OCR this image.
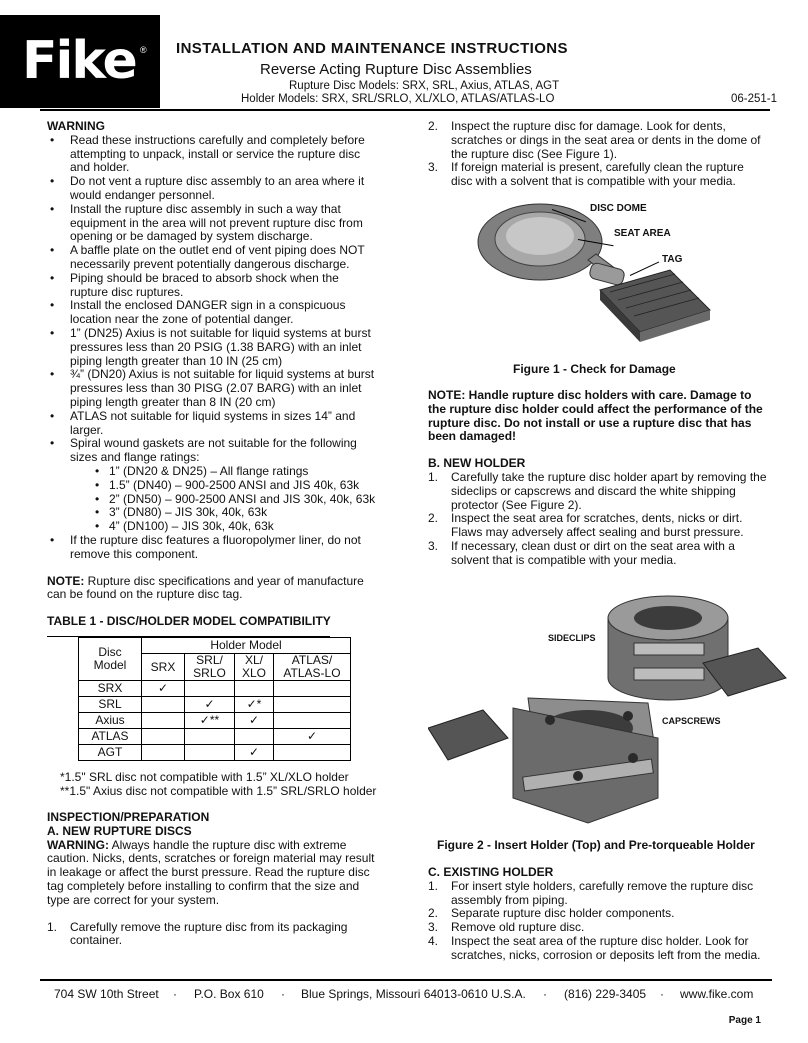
Fike ® INSTALLATION AND MAINTENANCE INSTRUCTIONS
Reverse Acting Rupture Disc Assemblies
Rupture Disc Models: SRX, SRL, Axius, ATLAS, AGT
Holder Models: SRX, SRL/SRLO, XL/XLO, ATLAS/ATLAS-LO	06-251-1

WARNING

• Read these instructions carefully and completely before attempting to unpack, install or service the rupture disc and holder.
• Do not vent a rupture disc assembly to an area where it would endanger personnel.
• Install the rupture disc assembly in such a way that equipment in the area will not prevent rupture disc from opening or be damaged by system discharge.
• A baffle plate on the outlet end of vent piping does NOT necessarily prevent potentially dangerous discharge.
• Piping should be braced to absorb shock when the rupture disc ruptures.
• Install the enclosed DANGER sign in a conspicuous location near the zone of potential danger.
• 1” (DN25) Axius is not suitable for liquid systems at burst pressures less than 20 PSIG (1.38 BARG) with an inlet piping length greater than 10 IN (25 cm)
• ¾” (DN20) Axius is not suitable for liquid systems at burst pressures less than 30 PISG (2.07 BARG) with an inlet piping length greater than 8 IN (20 cm)
• ATLAS not suitable for liquid systems in sizes 14” and larger.
• Spiral wound gaskets are not suitable for the following sizes and flange ratings:
• 1” (DN20 & DN25) – All flange ratings
• 1.5” (DN40) – 900-2500 ANSI and JIS 40k, 63k
• 2” (DN50) – 900-2500 ANSI and JIS 30k, 40k, 63k
• 3” (DN80) – JIS 30k, 40k, 63k
• 4” (DN100) – JIS 30k, 40k, 63k
• If the rupture disc features a fluoropolymer liner, do not remove this component.

NOTE: Rupture disc specifications and year of manufacture can be found on the rupture disc tag.

TABLE 1 - DISC/HOLDER MODEL COMPATIBILITY

Disc Model	Holder Model			
	SRX	SRL/ SRLO	XL/ XLO	ATLAS/ ATLAS-LO
SRX	✓			
SRL		✓	✓*	
Axius		✓**	✓	
ATLAS				✓
AGT			✓	
*1.5" SRL disc not compatible with 1.5” XL/XLO holder
**1.5" Axius disc not compatible with 1.5” SRL/SRLO holder

INSPECTION/PREPARATION

A. NEW RUPTURE DISCS

WARNING: Always handle the rupture disc with extreme caution. Nicks, dents, scratches or foreign material may result in leakage or affect the burst pressure. Read the rupture disc tag completely before installing to confirm that the size and type are correct for your system.

1. Carefully remove the rupture disc from its packaging container.
2. Inspect the rupture disc for damage. Look for dents, scratches or dings in the seat area or dents in the dome of the rupture disc (See Figure 1).
3. If foreign material is present, carefully clean the rupture disc with a solvent that is compatible with your media.
DISC DOME
SEAT AREA
TAG
Figure 1 - Check for Damage

NOTE: Handle rupture disc holders with care. Damage to the rupture disc holder could affect the performance of the rupture disc. Do not install or use a rupture disc that has been damaged!

B. NEW HOLDER

1. Carefully take the rupture disc holder apart by removing the sideclips or capscrews and discard the white shipping protector (See Figure 2).
2. Inspect the seat area for scratches, dents, nicks or dirt. Flaws may adversely affect sealing and burst pressure.
3. If necessary, clean dust or dirt on the seat area with a solvent that is compatible with your media.
SIDECLIPS
CAPSCREWS
Figure 2 - Insert Holder (Top) and Pre-torqueable Holder

C. EXISTING HOLDER

1. For insert style holders, carefully remove the rupture disc assembly from piping.
2. Separate rupture disc holder components.
3. Remove old rupture disc.
4. Inspect the seat area of the rupture disc holder. Look for scratches, nicks, corrosion or deposits left from the media.
704 SW 10th Street · P.O. Box 610 · Blue Springs, Missouri 64013-0610 U.S.A. · (816) 229-3405 · www.fike.com
Page 1
